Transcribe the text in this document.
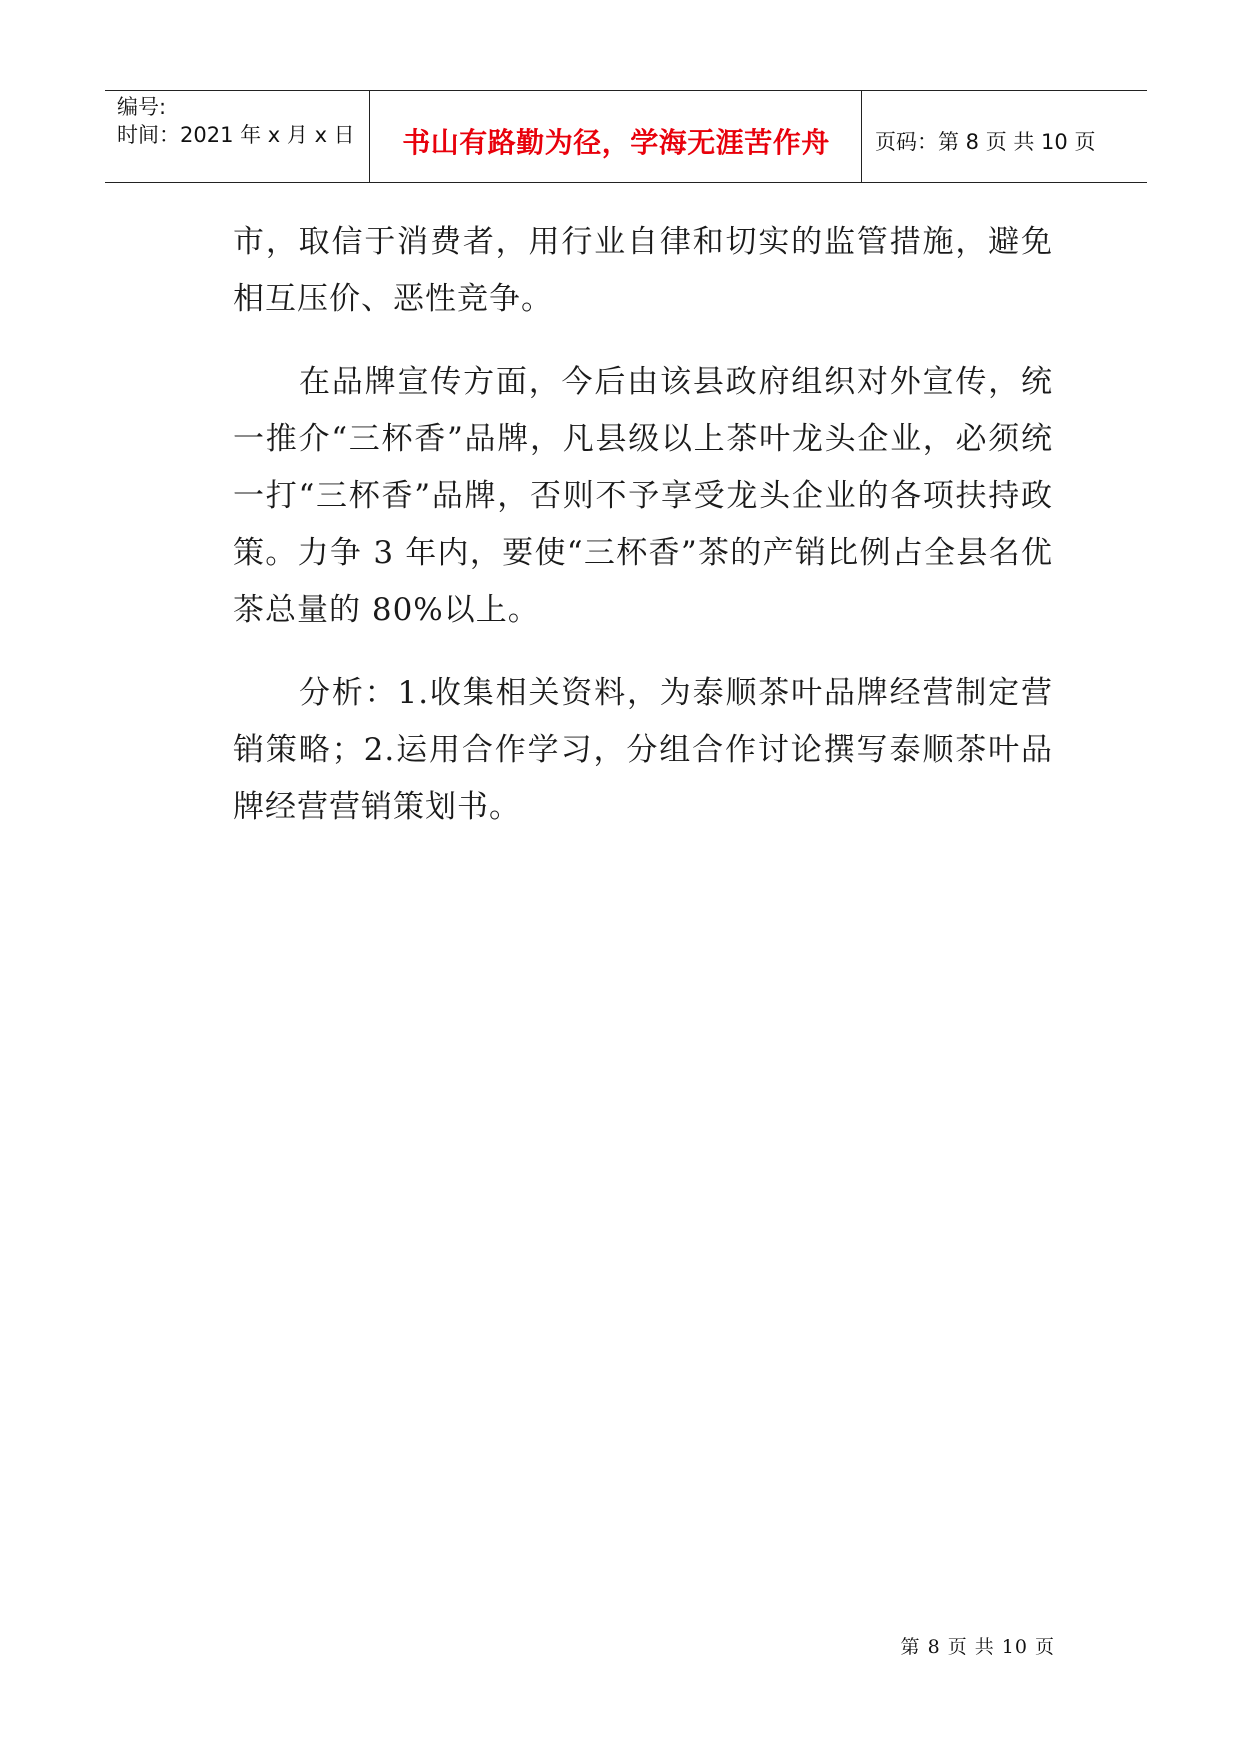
编号:
时间：2021 年 x 月 x 日	书山有路勤为径，学海无涯苦作舟	页码：第 8 页 共 10 页

市，取信于消费者，用行业自律和切实的监管措施，避免相互压价、恶性竞争。

在品牌宣传方面，今后由该县政府组织对外宣传，统一推介“三杯香”品牌，凡县级以上茶叶龙头企业，必须统一打“三杯香”品牌，否则不予享受龙头企业的各项扶持政策。力争 3 年内，要使“三杯香”茶的产销比例占全县名优茶总量的 80%以上。

分析：1.收集相关资料，为泰顺茶叶品牌经营制定营销策略；2.运用合作学习，分组合作讨论撰写泰顺茶叶品牌经营营销策划书。

第 8 页 共 10 页
